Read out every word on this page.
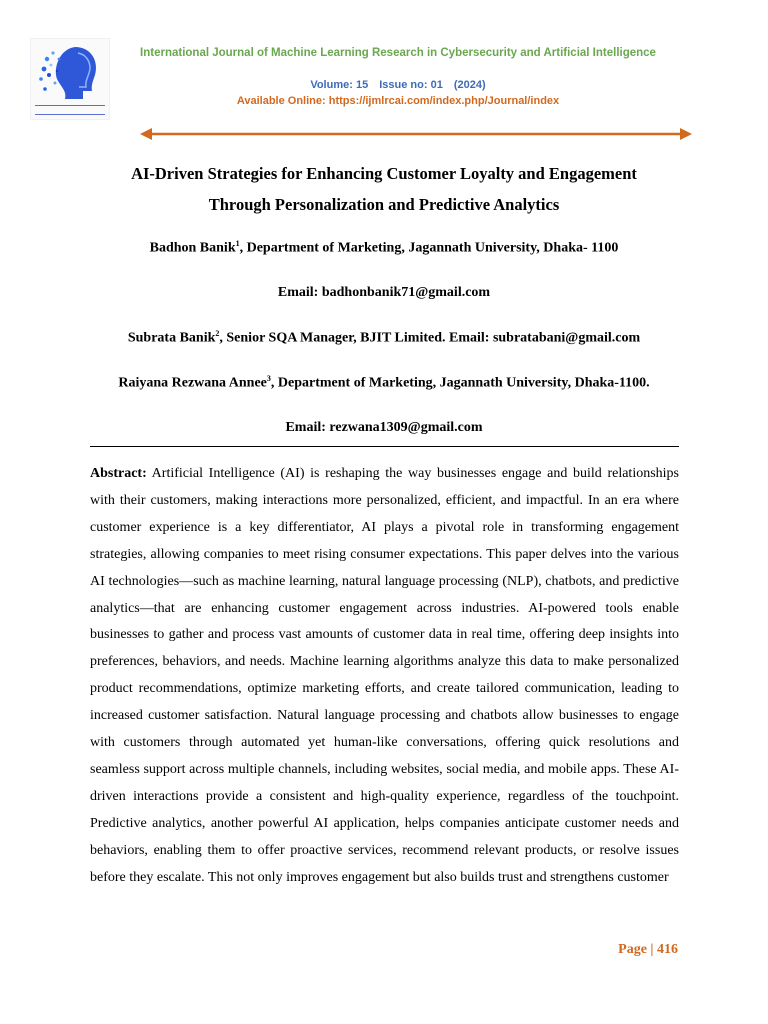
International Journal of Machine Learning Research in Cybersecurity and Artificial Intelligence
Volume: 15 Issue no: 01 (2024)
Available Online: https://ijmlrcai.com/index.php/Journal/index
AI-Driven Strategies for Enhancing Customer Loyalty and Engagement
Through Personalization and Predictive Analytics
Badhon Banik$^1$, Department of Marketing, Jagannath University, Dhaka- 1100
Email: badhonbanik71@gmail.com
Subrata Banik$^2$, Senior SQA Manager, BJIT Limited. Email: subratabani@gmail.com
Raiyana Rezwana Annee$^3$, Department of Marketing, Jagannath University, Dhaka-1100.
Email: rezwana1309@gmail.com

Abstract: Artificial Intelligence (AI) is reshaping the way businesses engage and build relationships with their customers, making interactions more personalized, efficient, and impactful. In an era where customer experience is a key differentiator, AI plays a pivotal role in transforming engagement strategies, allowing companies to meet rising consumer expectations. This paper delves into the various AI technologies—such as machine learning, natural language processing (NLP), chatbots, and predictive analytics—that are enhancing customer engagement across industries. AI-powered tools enable businesses to gather and process vast amounts of customer data in real time, offering deep insights into preferences, behaviors, and needs. Machine learning algorithms analyze this data to make personalized product recommendations, optimize marketing efforts, and create tailored communication, leading to increased customer satisfaction. Natural language processing and chatbots allow businesses to engage with customers through automated yet human-like conversations, offering quick resolutions and seamless support across multiple channels, including websites, social media, and mobile apps. These AI-driven interactions provide a consistent and high-quality experience, regardless of the touchpoint. Predictive analytics, another powerful AI application, helps companies anticipate customer needs and behaviors, enabling them to offer proactive services, recommend relevant products, or resolve issues before they escalate. This not only improves engagement but also builds trust and strengthens customer

Page | 416
